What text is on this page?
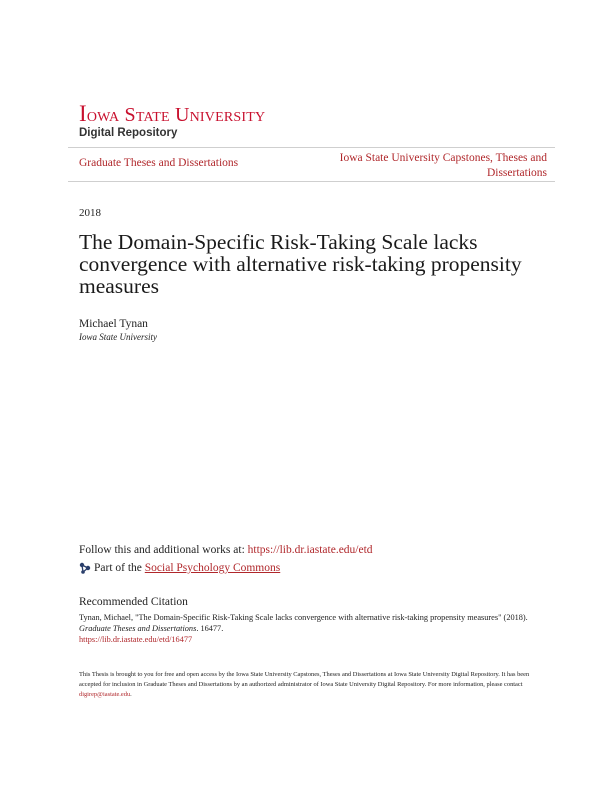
Iowa State University
Digital Repository
Graduate Theses and Dissertations	Iowa State University Capstones, Theses and Dissertations
2018
The Domain-Specific Risk-Taking Scale lacks convergence with alternative risk-taking propensity measures
Michael Tynan
Iowa State University
Follow this and additional works at: https://lib.dr.iastate.edu/etd
Part of the Social Psychology Commons
Recommended Citation
Tynan, Michael, "The Domain-Specific Risk-Taking Scale lacks convergence with alternative risk-taking propensity measures" (2018).
Graduate Theses and Dissertations. 16477.
https://lib.dr.iastate.edu/etd/16477
This Thesis is brought to you for free and open access by the Iowa State University Capstones, Theses and Dissertations at Iowa State University Digital Repository. It has been accepted for inclusion in Graduate Theses and Dissertations by an authorized administrator of Iowa State University Digital Repository. For more information, please contact digirep@iastate.edu.
